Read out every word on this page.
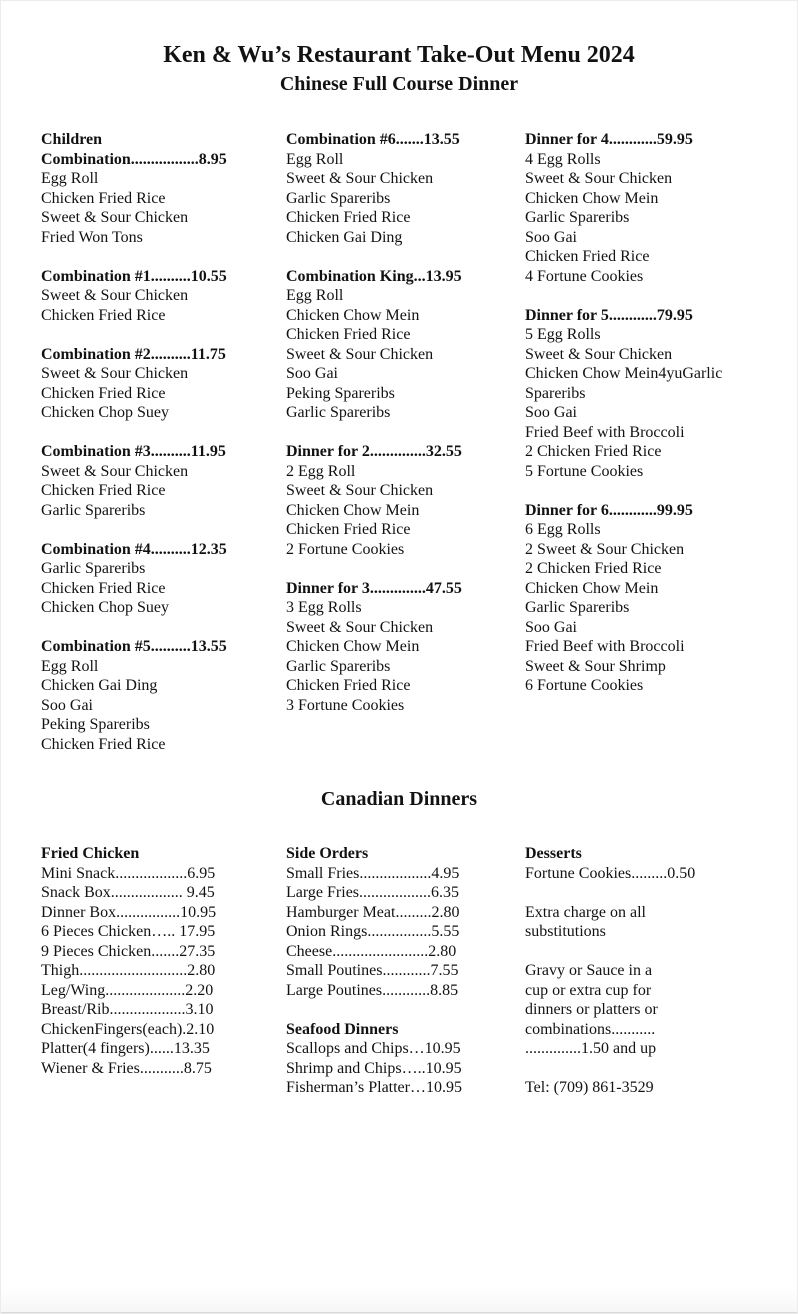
Ken & Wu’s Restaurant Take-Out Menu 2024
Chinese Full Course Dinner
Children
Combination.................8.95
Egg Roll
Chicken Fried Rice
Sweet & Sour Chicken
Fried Won Tons
Combination #1..........10.55
Sweet & Sour Chicken
Chicken Fried Rice
Combination #2..........11.75
Sweet & Sour Chicken
Chicken Fried Rice
Chicken Chop Suey
Combination #3..........11.95
Sweet & Sour Chicken
Chicken Fried Rice
Garlic Spareribs
Combination #4..........12.35
Garlic Spareribs
Chicken Fried Rice
Chicken Chop Suey
Combination #5..........13.55
Egg Roll
Chicken Gai Ding
Soo Gai
Peking Spareribs
Chicken Fried Rice
Combination #6.......13.55
Egg Roll
Sweet & Sour Chicken
Garlic Spareribs
Chicken Fried Rice
Chicken Gai Ding
Combination King...13.95
Egg Roll
Chicken Chow Mein
Chicken Fried Rice
Sweet & Sour Chicken
Soo Gai
Peking Spareribs
Garlic Spareribs
Dinner for 2..............32.55
2 Egg Roll
Sweet & Sour Chicken
Chicken Chow Mein
Chicken Fried Rice
2 Fortune Cookies
Dinner for 3..............47.55
3 Egg Rolls
Sweet & Sour Chicken
Chicken Chow Mein
Garlic Spareribs
Chicken Fried Rice
3 Fortune Cookies
Dinner for 4............59.95
4 Egg Rolls
Sweet & Sour Chicken
Chicken Chow Mein
Garlic Spareribs
Soo Gai
Chicken Fried Rice
4 Fortune Cookies
Dinner for 5............79.95
5 Egg Rolls
Sweet & Sour Chicken
Chicken Chow Mein4yuGarlic
Spareribs
Soo Gai
Fried Beef with Broccoli
2 Chicken Fried Rice
5 Fortune Cookies
Dinner for 6............99.95
6 Egg Rolls
2 Sweet & Sour Chicken
2 Chicken Fried Rice
Chicken Chow Mein
Garlic Spareribs
Soo Gai
Fried Beef with Broccoli
Sweet & Sour Shrimp
6 Fortune Cookies
Canadian Dinners
Fried Chicken
Mini Snack..................6.95
Snack Box.................. 9.45
Dinner Box................10.95
6 Pieces Chicken….. 17.95
9 Pieces Chicken.......27.35
Thigh...........................2.80
Leg/Wing....................2.20
Breast/Rib...................3.10
ChickenFingers(each).2.10
Platter(4 fingers)......13.35
Wiener & Fries...........8.75
Side Orders
Small Fries..................4.95
Large Fries..................6.35
Hamburger Meat.........2.80
Onion Rings................5.55
Cheese........................2.80
Small Poutines............7.55
Large Poutines............8.85
Seafood Dinners
Scallops and Chips…10.95
Shrimp and Chips…..10.95
Fisherman’s Platter…10.95
Desserts
Fortune Cookies.........0.50
Extra charge on all
substitutions
Gravy or Sauce in a
cup or extra cup for
dinners or platters or
combinations...........
..............1.50 and up
Tel: (709) 861-3529
